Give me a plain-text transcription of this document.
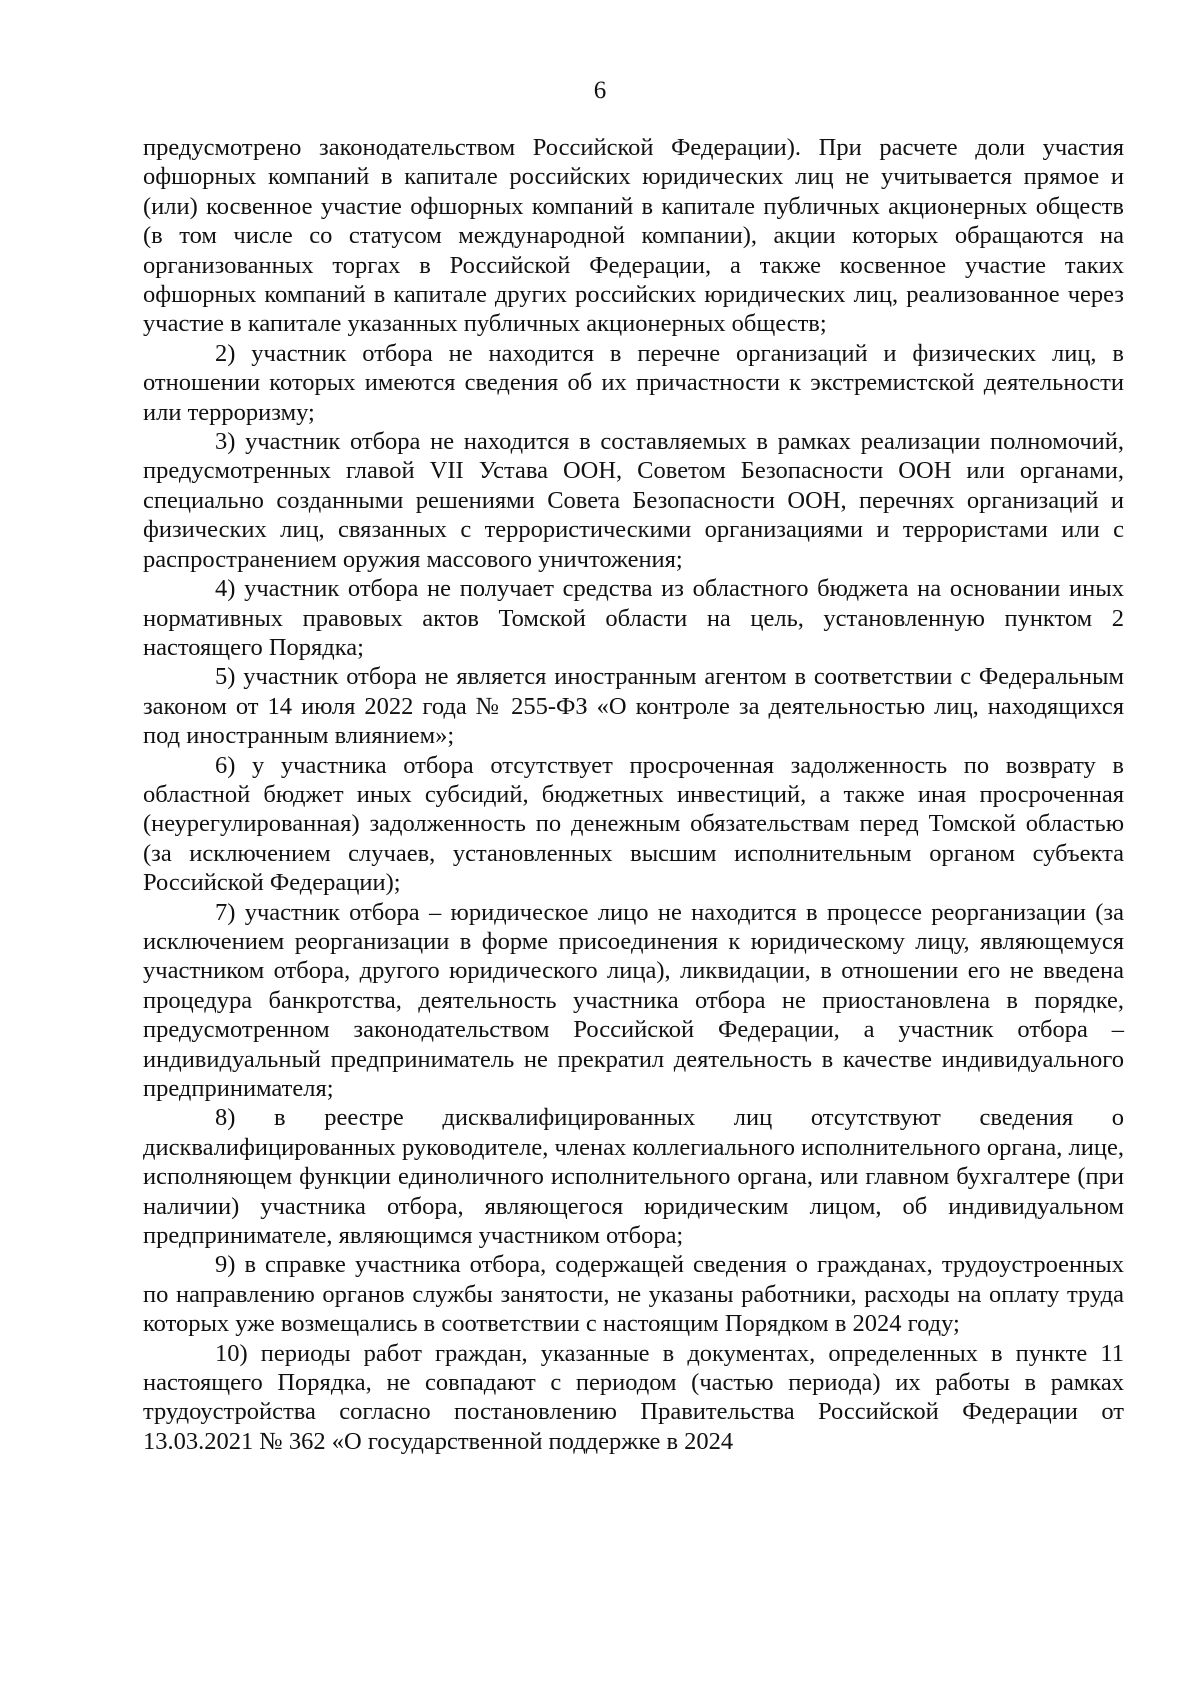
6

предусмотрено законодательством Российской Федерации). При расчете доли участия офшорных компаний в капитале российских юридических лиц не учитывается прямое и (или) косвенное участие офшорных компаний в капитале публичных акционерных обществ (в том числе со статусом международной компании), акции которых обращаются на организованных торгах в Российской Федерации, а также косвенное участие таких офшорных компаний в капитале других российских юридических лиц, реализованное через участие в капитале указанных публичных акционерных обществ;

2) участник отбора не находится в перечне организаций и физических лиц, в отношении которых имеются сведения об их причастности к экстремистской деятельности или терроризму;

3) участник отбора не находится в составляемых в рамках реализации полномочий, предусмотренных главой VII Устава ООН, Советом Безопасности ООН или органами, специально созданными решениями Совета Безопасности ООН, перечнях организаций и физических лиц, связанных с террористическими организациями и террористами или с распространением оружия массового уничтожения;

4) участник отбора не получает средства из областного бюджета на основании иных нормативных правовых актов Томской области на цель, установленную пунктом 2 настоящего Порядка;

5) участник отбора не является иностранным агентом в соответствии с Федеральным законом от 14 июля 2022 года № 255-ФЗ «О контроле за деятельностью лиц, находящихся под иностранным влиянием»;

6) у участника отбора отсутствует просроченная задолженность по возврату в областной бюджет иных субсидий, бюджетных инвестиций, а также иная просроченная (неурегулированная) задолженность по денежным обязательствам перед Томской областью (за исключением случаев, установленных высшим исполнительным органом субъекта Российской Федерации);

7) участник отбора – юридическое лицо не находится в процессе реорганизации (за исключением реорганизации в форме присоединения к юридическому лицу, являющемуся участником отбора, другого юридического лица), ликвидации, в отношении его не введена процедура банкротства, деятельность участника отбора не приостановлена в порядке, предусмотренном законодательством Российской Федерации, а участник отбора – индивидуальный предприниматель не прекратил деятельность в качестве индивидуального предпринимателя;

8) в реестре дисквалифицированных лиц отсутствуют сведения о дисквалифицированных руководителе, членах коллегиального исполнительного органа, лице, исполняющем функции единоличного исполнительного органа, или главном бухгалтере (при наличии) участника отбора, являющегося юридическим лицом, об индивидуальном предпринимателе, являющимся участником отбора;

9) в справке участника отбора, содержащей сведения о гражданах, трудоустроенных по направлению органов службы занятости, не указаны работники, расходы на оплату труда которых уже возмещались в соответствии с настоящим Порядком в 2024 году;

10) периоды работ граждан, указанные в документах, определенных в пункте 11 настоящего Порядка, не совпадают с периодом (частью периода) их работы в рамках трудоустройства согласно постановлению Правительства Российской Федерации от 13.03.2021 № 362 «О государственной поддержке в 2024
